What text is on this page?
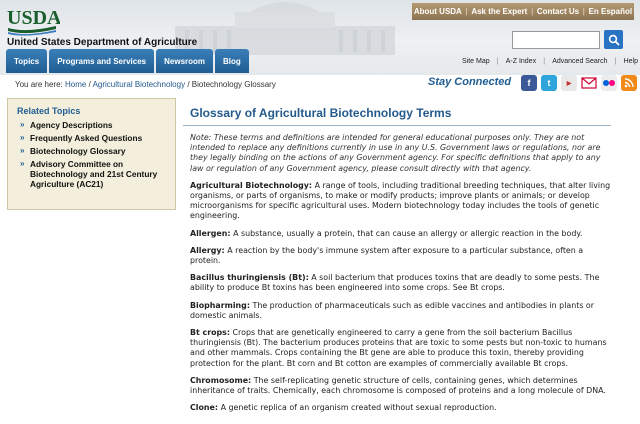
USDA
United States Department of Agriculture
About USDA | Ask the Expert | Contact Us | En Español
Site Map | A-Z Index | Advanced Search | Help
Topics	Programs and Services	Newsroom	Blog
You are here: Home / Agricultural Biotechnology / Biotechnology Glossary	Stay Connected	f	t	▶
Related Topics
» Agency Descriptions
» Frequently Asked Questions
» Biotechnology Glossary
» Advisory Committee on Biotechnology and 21st Century Agriculture (AC21)
Glossary of Agricultural Biotechnology Terms

Note: These terms and definitions are intended for general educational purposes only. They are not intended to replace any definitions currently in use in any U.S. Government laws or regulations, nor are they legally binding on the actions of any Government agency. For specific definitions that apply to any law or regulation of any Government agency, please consult directly with that agency.

Agricultural Biotechnology: A range of tools, including traditional breeding techniques, that alter living organisms, or parts of organisms, to make or modify products; improve plants or animals; or develop microorganisms for specific agricultural uses. Modern biotechnology today includes the tools of genetic engineering.

Allergen: A substance, usually a protein, that can cause an allergy or allergic reaction in the body.

Allergy: A reaction by the body's immune system after exposure to a particular substance, often a protein.

Bacillus thuringiensis (Bt): A soil bacterium that produces toxins that are deadly to some pests. The ability to produce Bt toxins has been engineered into some crops. See Bt crops.

Biopharming: The production of pharmaceuticals such as edible vaccines and antibodies in plants or domestic animals.

Bt crops: Crops that are genetically engineered to carry a gene from the soil bacterium Bacillus thuringiensis (Bt). The bacterium produces proteins that are toxic to some pests but non-toxic to humans and other mammals. Crops containing the Bt gene are able to produce this toxin, thereby providing protection for the plant. Bt corn and Bt cotton are examples of commercially available Bt crops.

Chromosome: The self-replicating genetic structure of cells, containing genes, which determines inheritance of traits. Chemically, each chromosome is composed of proteins and a long molecule of DNA.

Clone: A genetic replica of an organism created without sexual reproduction.
